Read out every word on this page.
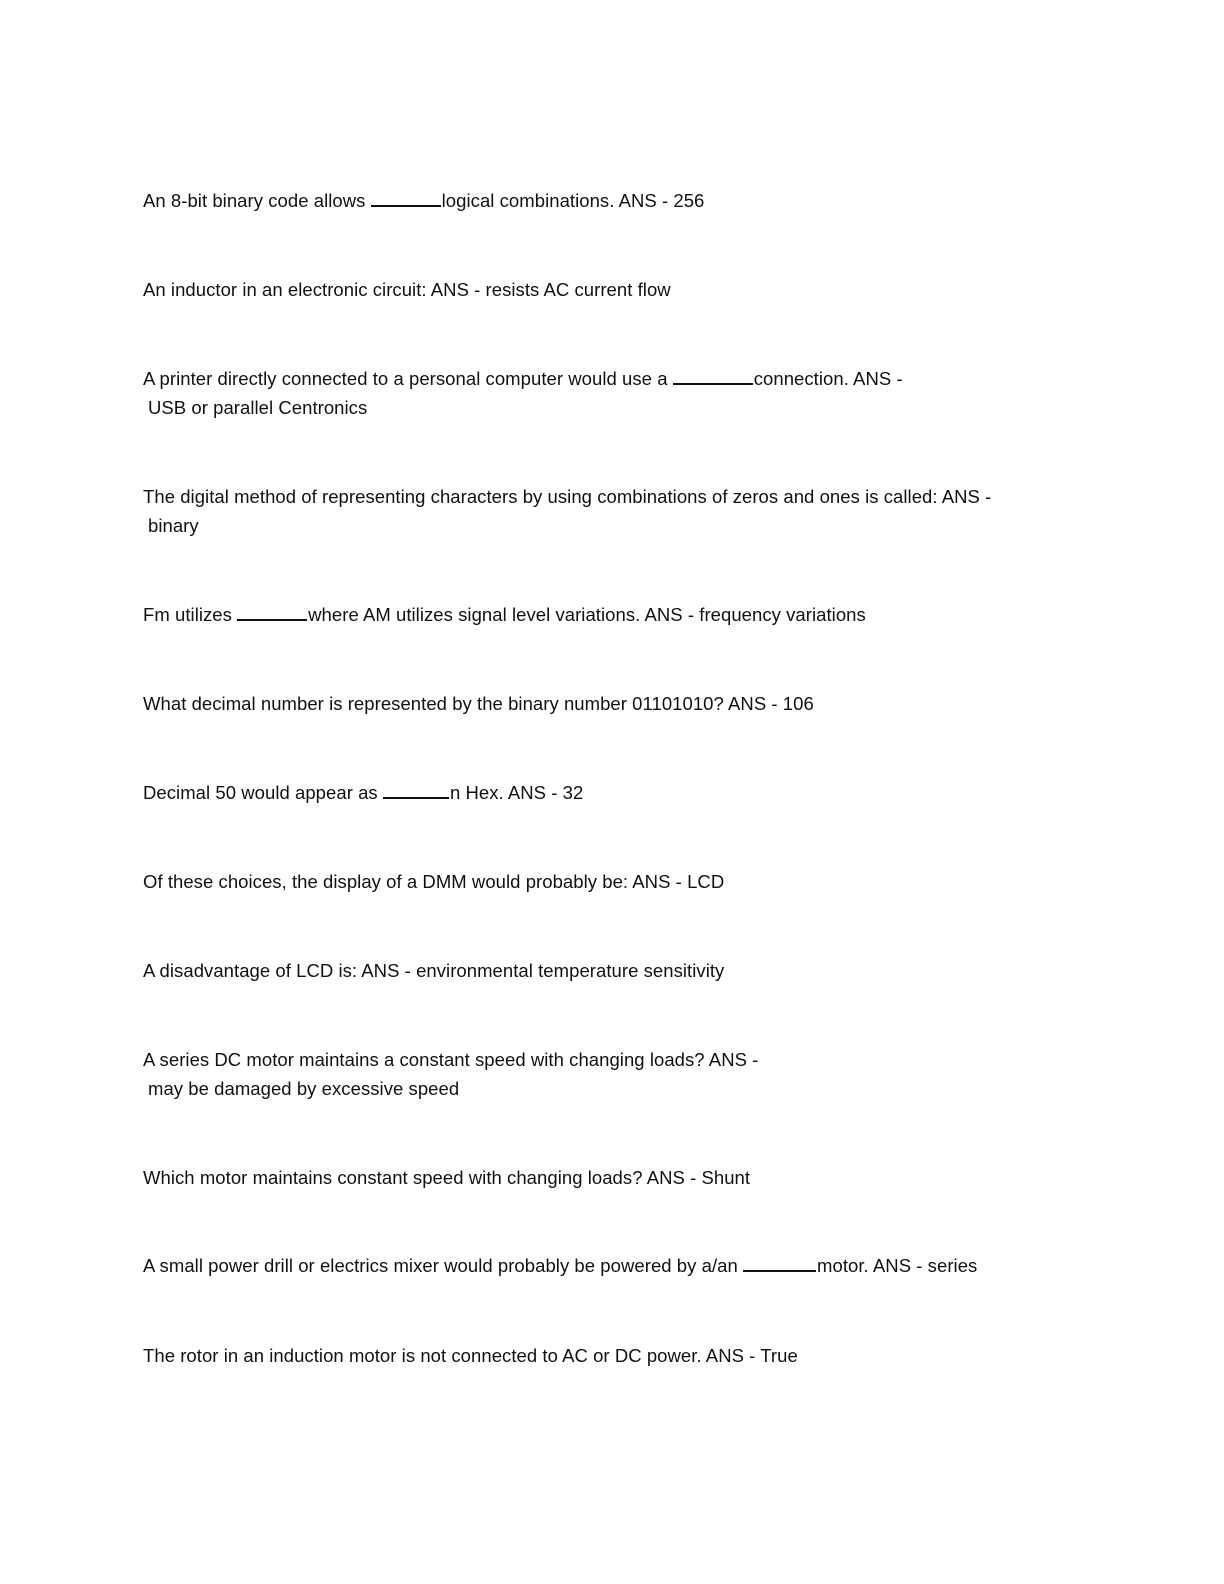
An 8-bit binary code allows	logical combinations. ANS - 256
An inductor in an electronic circuit: ANS - resists AC current flow
A printer directly connected to a personal computer would use a	connection. ANS -
USB or parallel Centronics
The digital method of representing characters by using combinations of zeros and ones is called: ANS -
binary
Fm utilizes	where AM utilizes signal level variations. ANS - frequency variations
What decimal number is represented by the binary number 01101010? ANS - 106
Decimal 50 would appear as	n Hex. ANS - 32
Of these choices, the display of a DMM would probably be: ANS - LCD
A disadvantage of LCD is: ANS - environmental temperature sensitivity
A series DC motor maintains a constant speed with changing loads? ANS -
may be damaged by excessive speed
Which motor maintains constant speed with changing loads? ANS - Shunt
A small power drill or electrics mixer would probably be powered by a/an	motor. ANS - series
The rotor in an induction motor is not connected to AC or DC power. ANS - True
